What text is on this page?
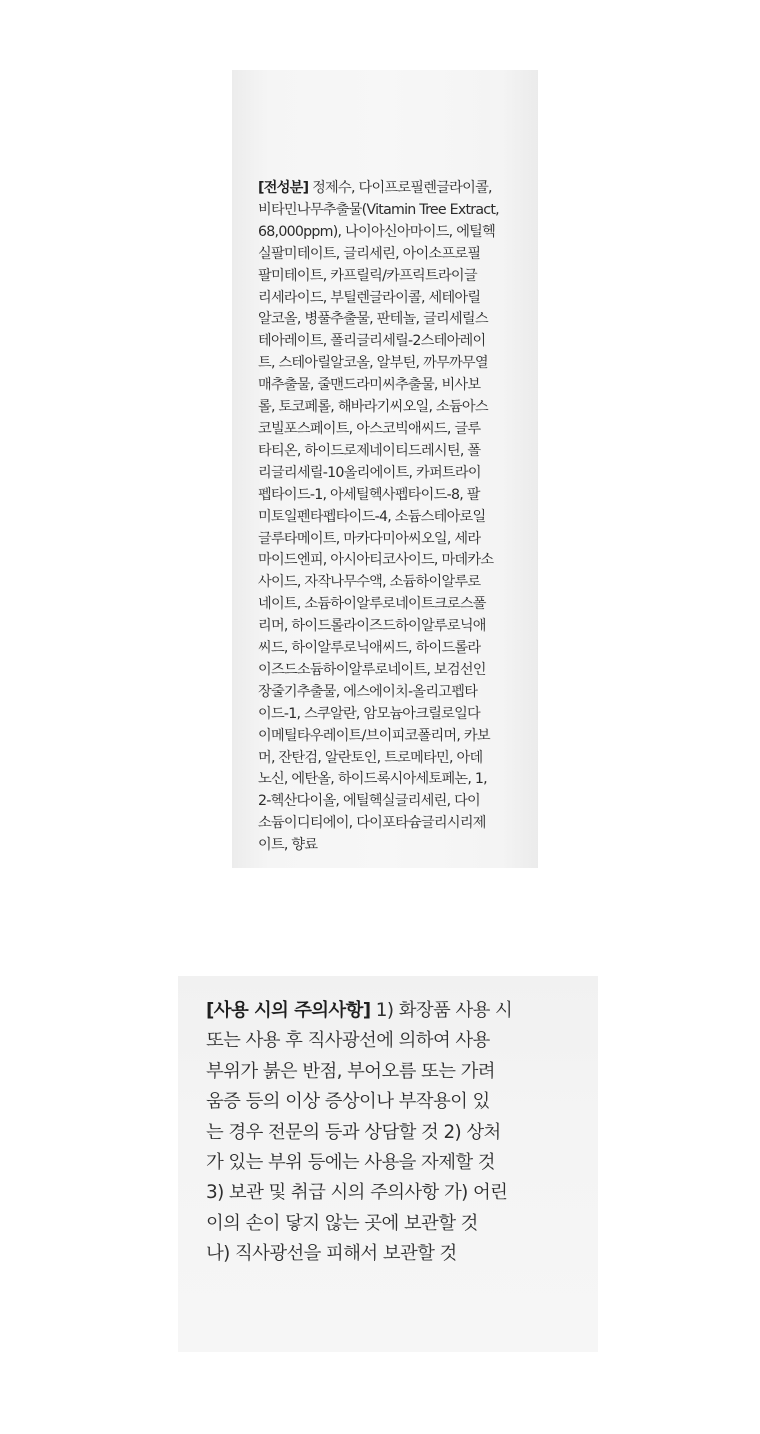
[전성분] 정제수, 다이프로필렌글라이콜,
비타민나무추출물(Vitamin Tree Extract,
68,000ppm), 나이아신아마이드, 에틸헥
실팔미테이트, 글리세린, 아이소프로필
팔미테이트, 카프릴릭/카프릭트라이글
리세라이드, 부틸렌글라이콜, 세테아릴
알코올, 병풀추출물, 판테놀, 글리세릴스
테아레이트, 폴리글리세릴-2스테아레이
트, 스테아릴알코올, 알부틴, 까무까무열
매추출물, 줄맨드라미씨추출물, 비사보
롤, 토코페롤, 해바라기씨오일, 소듐아스
코빌포스페이트, 아스코빅애씨드, 글루
타티온, 하이드로제네이티드레시틴, 폴
리글리세릴-10올리에이트, 카퍼트라이
펩타이드-1, 아세틸헥사펩타이드-8, 팔
미토일펜타펩타이드-4, 소듐스테아로일
글루타메이트, 마카다미아씨오일, 세라
마이드엔피, 아시아티코사이드, 마데카소
사이드, 자작나무수액, 소듐하이알루로
네이트, 소듐하이알루로네이트크로스폴
리머, 하이드롤라이즈드하이알루로닉애
씨드, 하이알루로닉애씨드, 하이드롤라
이즈드소듐하이알루로네이트, 보검선인
장줄기추출물, 에스에이치-올리고펩타
이드-1, 스쿠알란, 암모늄아크릴로일다
이메틸타우레이트/브이피코폴리머, 카보
머, 잔탄검, 알란토인, 트로메타민, 아데
노신, 에탄올, 하이드록시아세토페논, 1,
2-헥산다이올, 에틸헥실글리세린, 다이
소듐이디티에이, 다이포타슘글리시리제
이트, 향료

[사용 시의 주의사항] 1) 화장품 사용 시
또는 사용 후 직사광선에 의하여 사용
부위가 붉은 반점, 부어오름 또는 가려
움증 등의 이상 증상이나 부작용이 있
는 경우 전문의 등과 상담할 것 2) 상처
가 있는 부위 등에는 사용을 자제할 것
3) 보관 및 취급 시의 주의사항 가) 어린
이의 손이 닿지 않는 곳에 보관할 것
나) 직사광선을 피해서 보관할 것
